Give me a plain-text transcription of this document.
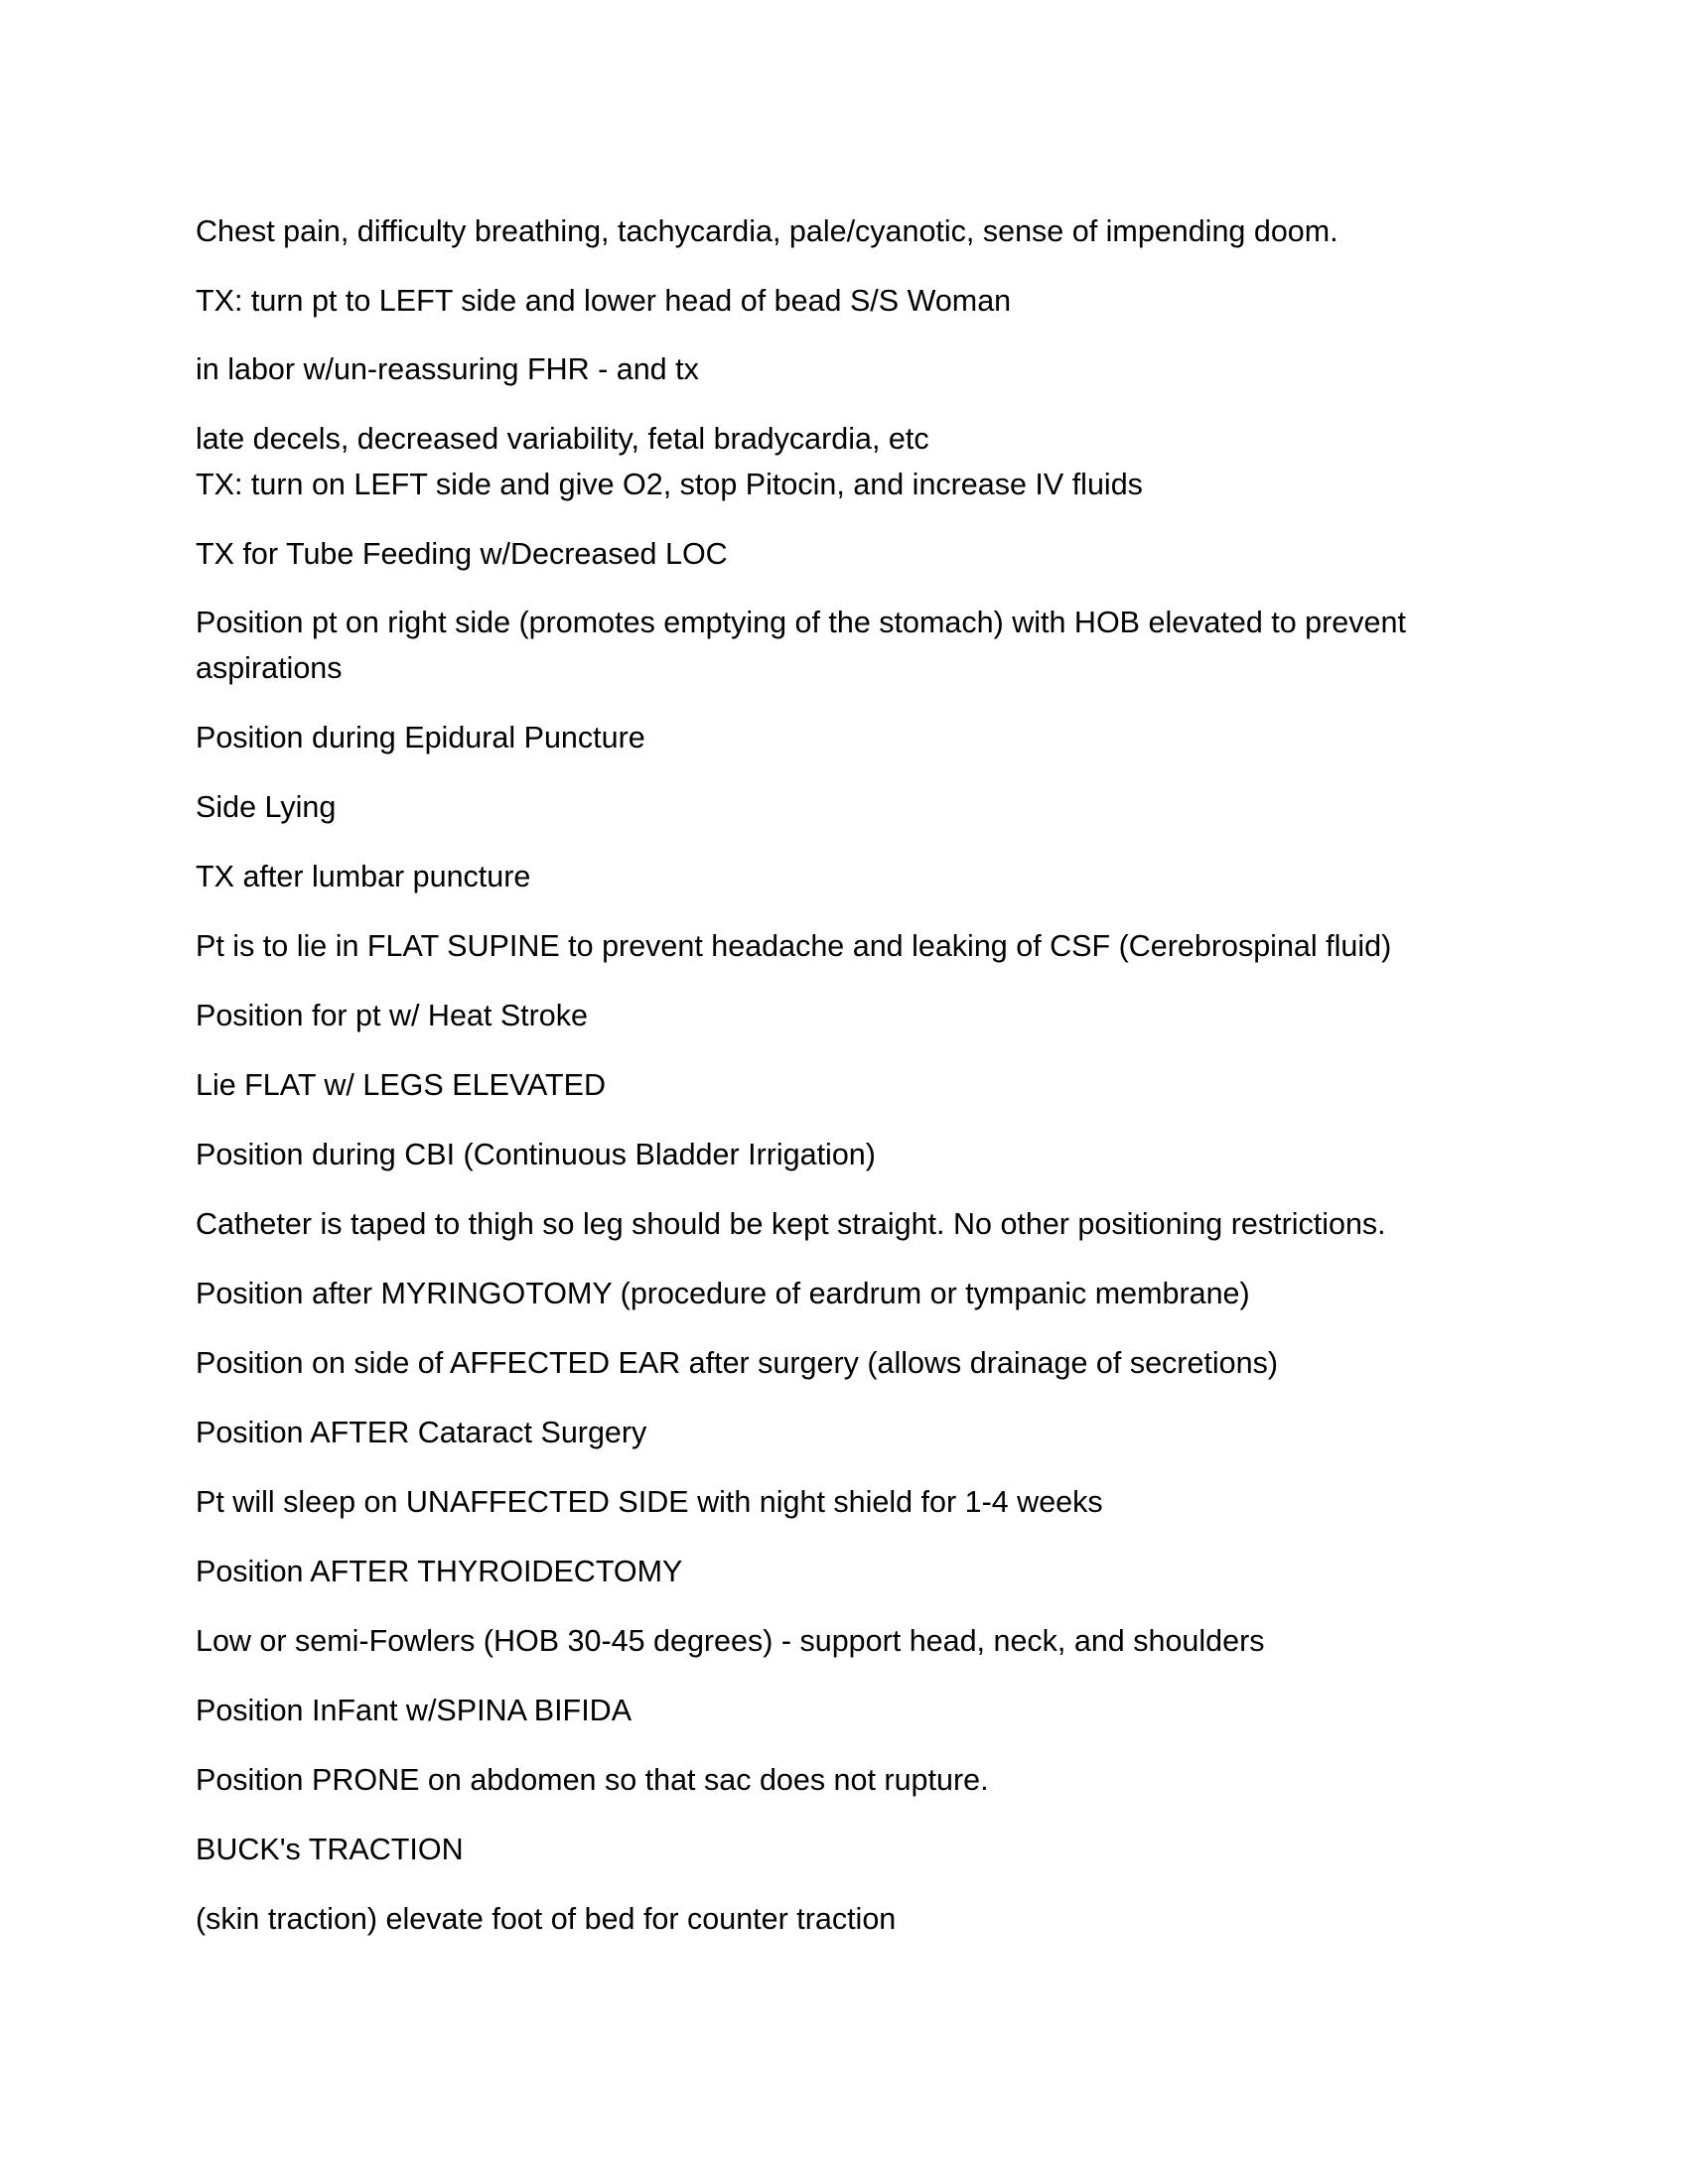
Chest pain, difficulty breathing, tachycardia, pale/cyanotic, sense of impending doom.
TX: turn pt to LEFT side and lower head of bead S/S Woman
in labor w/un-reassuring FHR - and tx
late decels, decreased variability, fetal bradycardia, etc
TX: turn on LEFT side and give O2, stop Pitocin, and increase IV fluids
TX for Tube Feeding w/Decreased LOC
Position pt on right side (promotes emptying of the stomach) with HOB elevated to prevent aspirations
Position during Epidural Puncture
Side Lying
TX after lumbar puncture
Pt is to lie in FLAT SUPINE to prevent headache and leaking of CSF (Cerebrospinal fluid)
Position for pt w/ Heat Stroke
Lie FLAT w/ LEGS ELEVATED
Position during CBI (Continuous Bladder Irrigation)
Catheter is taped to thigh so leg should be kept straight. No other positioning restrictions.
Position after MYRINGOTOMY (procedure of eardrum or tympanic membrane)
Position on side of AFFECTED EAR after surgery (allows drainage of secretions)
Position AFTER Cataract Surgery
Pt will sleep on UNAFFECTED SIDE with night shield for 1-4 weeks
Position AFTER THYROIDECTOMY
Low or semi-Fowlers (HOB 30-45 degrees) - support head, neck, and shoulders
Position InFant w/SPINA BIFIDA
Position PRONE on abdomen so that sac does not rupture.
BUCK's TRACTION
(skin traction) elevate foot of bed for counter traction
